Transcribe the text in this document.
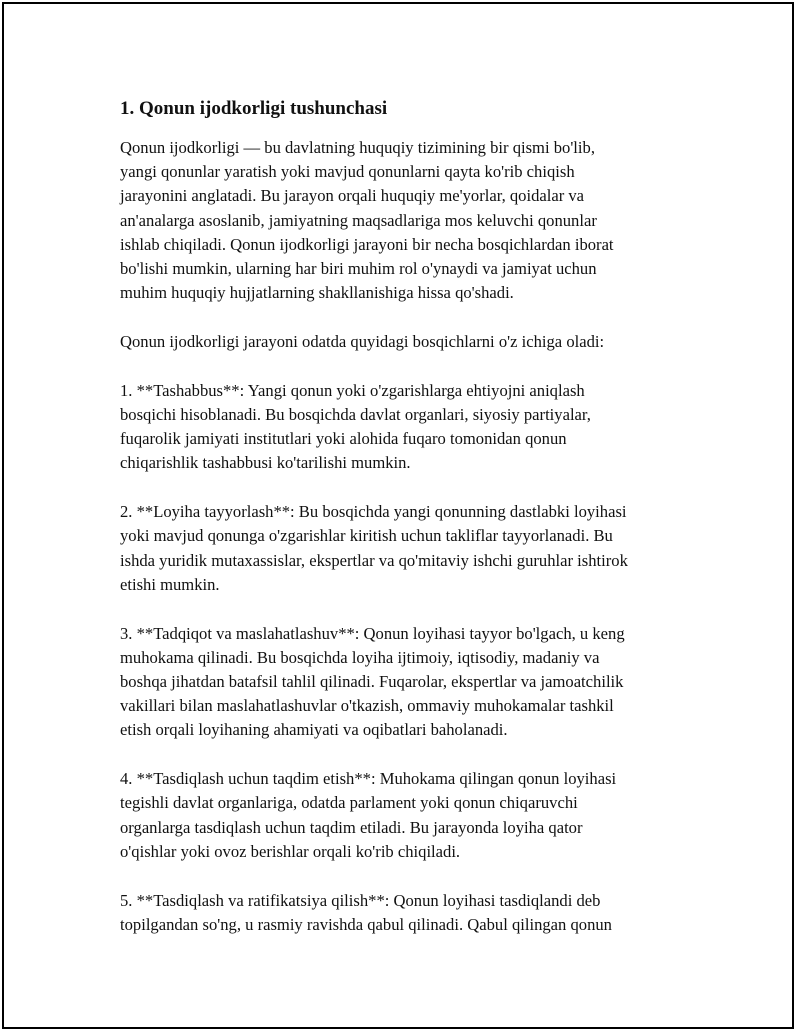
1. Qonun ijodkorligi tushunchasi

Qonun ijodkorligi — bu davlatning huquqiy tizimining bir qismi bo'lib,
yangi qonunlar yaratish yoki mavjud qonunlarni qayta ko'rib chiqish
jarayonini anglatadi. Bu jarayon orqali huquqiy me'yorlar, qoidalar va
an'analarga asoslanib, jamiyatning maqsadlariga mos keluvchi qonunlar
ishlab chiqiladi. Qonun ijodkorligi jarayoni bir necha bosqichlardan iborat
bo'lishi mumkin, ularning har biri muhim rol o'ynaydi va jamiyat uchun
muhim huquqiy hujjatlarning shakllanishiga hissa qo'shadi.

Qonun ijodkorligi jarayoni odatda quyidagi bosqichlarni o'z ichiga oladi:

1. **Tashabbus**: Yangi qonun yoki o'zgarishlarga ehtiyojni aniqlash
bosqichi hisoblanadi. Bu bosqichda davlat organlari, siyosiy partiyalar,
fuqarolik jamiyati institutlari yoki alohida fuqaro tomonidan qonun
chiqarishlik tashabbusi ko'tarilishi mumkin.

2. **Loyiha tayyorlash**: Bu bosqichda yangi qonunning dastlabki loyihasi
yoki mavjud qonunga o'zgarishlar kiritish uchun takliflar tayyorlanadi. Bu
ishda yuridik mutaxassislar, ekspertlar va qo'mitaviy ishchi guruhlar ishtirok
etishi mumkin.

3. **Tadqiqot va maslahatlashuv**: Qonun loyihasi tayyor bo'lgach, u keng
muhokama qilinadi. Bu bosqichda loyiha ijtimoiy, iqtisodiy, madaniy va
boshqa jihatdan batafsil tahlil qilinadi. Fuqarolar, ekspertlar va jamoatchilik
vakillari bilan maslahatlashuvlar o'tkazish, ommaviy muhokamalar tashkil
etish orqali loyihaning ahamiyati va oqibatlari baholanadi.

4. **Tasdiqlash uchun taqdim etish**: Muhokama qilingan qonun loyihasi
tegishli davlat organlariga, odatda parlament yoki qonun chiqaruvchi
organlarga tasdiqlash uchun taqdim etiladi. Bu jarayonda loyiha qator
o'qishlar yoki ovoz berishlar orqali ko'rib chiqiladi.

5. **Tasdiqlash va ratifikatsiya qilish**: Qonun loyihasi tasdiqlandi deb
topilgandan so'ng, u rasmiy ravishda qabul qilinadi. Qabul qilingan qonun
